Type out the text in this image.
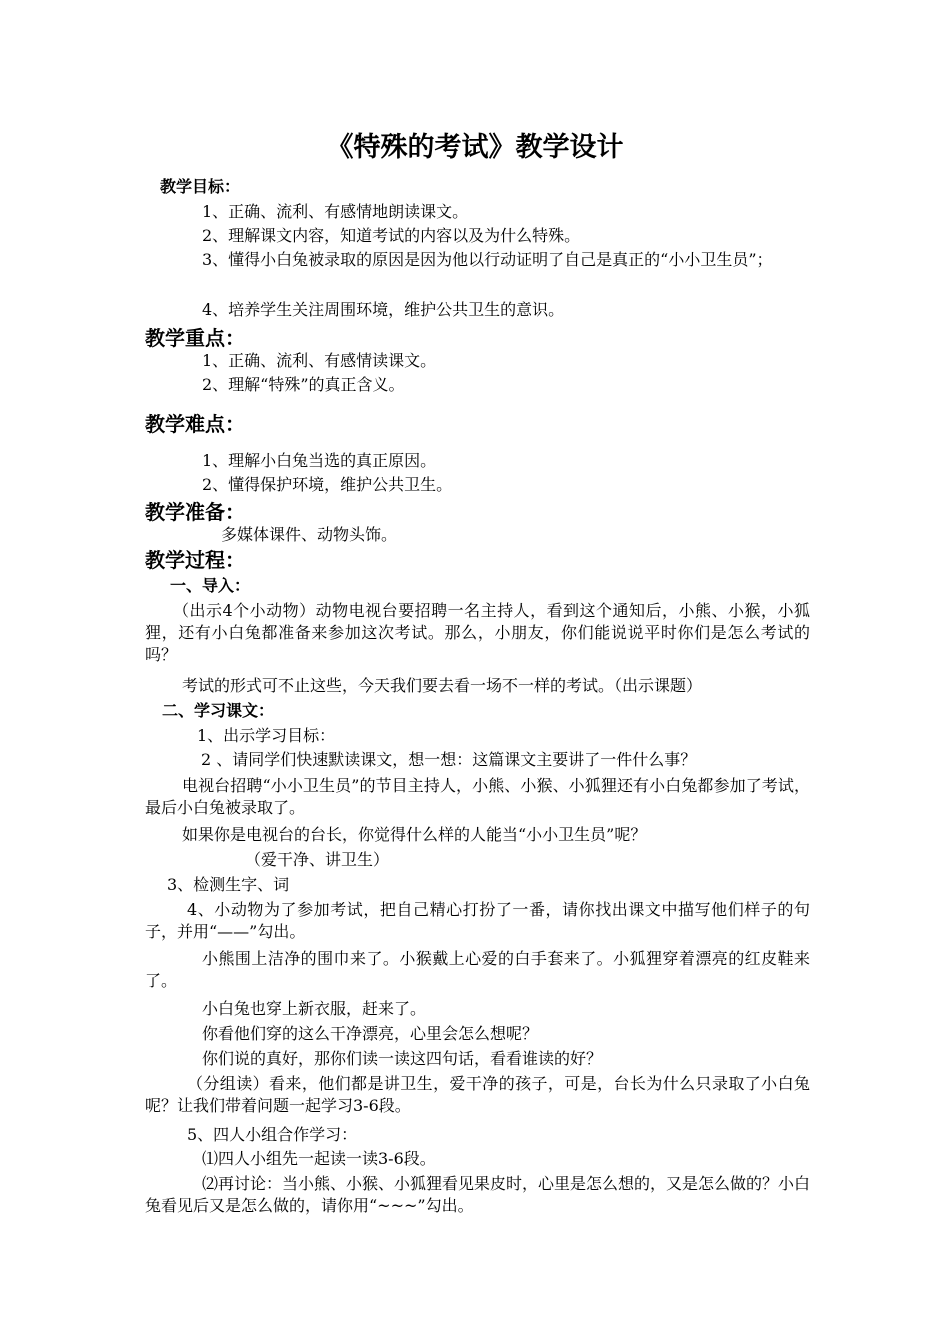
《特殊的考试》教学设计
教学目标：
1、正确、流利、有感情地朗读课文。
2、理解课文内容，知道考试的内容以及为什么特殊。
3、懂得小白兔被录取的原因是因为他以行动证明了自己是真正的“小小卫生员”；
4、培养学生关注周围环境，维护公共卫生的意识。
教学重点：
1、正确、流利、有感情读课文。
2、理解“特殊”的真正含义。
教学难点：
1、理解小白兔当选的真正原因。
2、懂得保护环境，维护公共卫生。
教学准备：
多媒体课件、动物头饰。
教学过程：
一、导入：
（出示4个小动物）动物电视台要招聘一名主持人，看到这个通知后，小熊、小猴，小狐狸，还有小白兔都准备来参加这次考试。那么，小朋友，你们能说说平时你们是怎么考试的吗？
考试的形式可不止这些，今天我们要去看一场不一样的考试。（出示课题）
二、学习课文：
1、出示学习目标：
2 、请同学们快速默读课文，想一想：这篇课文主要讲了一件什么事？
电视台招聘“小小卫生员”的节目主持人，小熊、小猴、小狐狸还有小白兔都参加了考试，最后小白兔被录取了。
如果你是电视台的台长，你觉得什么样的人能当“小小卫生员”呢？
（爱干净、讲卫生）
3、检测生字、词
4、小动物为了参加考试，把自己精心打扮了一番，请你找出课文中描写他们样子的句子，并用“——”勾出。
小熊围上洁净的围巾来了。小猴戴上心爱的白手套来了。小狐狸穿着漂亮的红皮鞋来了。
小白兔也穿上新衣服，赶来了。
你看他们穿的这么干净漂亮，心里会怎么想呢？
你们说的真好，那你们读一读这四句话，看看谁读的好？
（分组读）看来，他们都是讲卫生，爱干净的孩子，可是，台长为什么只录取了小白兔呢？让我们带着问题一起学习3-6段。
5、四人小组合作学习：
⑴四人小组先一起读一读3-6段。
⑵再讨论：当小熊、小猴、小狐狸看见果皮时，心里是怎么想的，又是怎么做的？小白兔看见后又是怎么做的，请你用“~~~”勾出。
